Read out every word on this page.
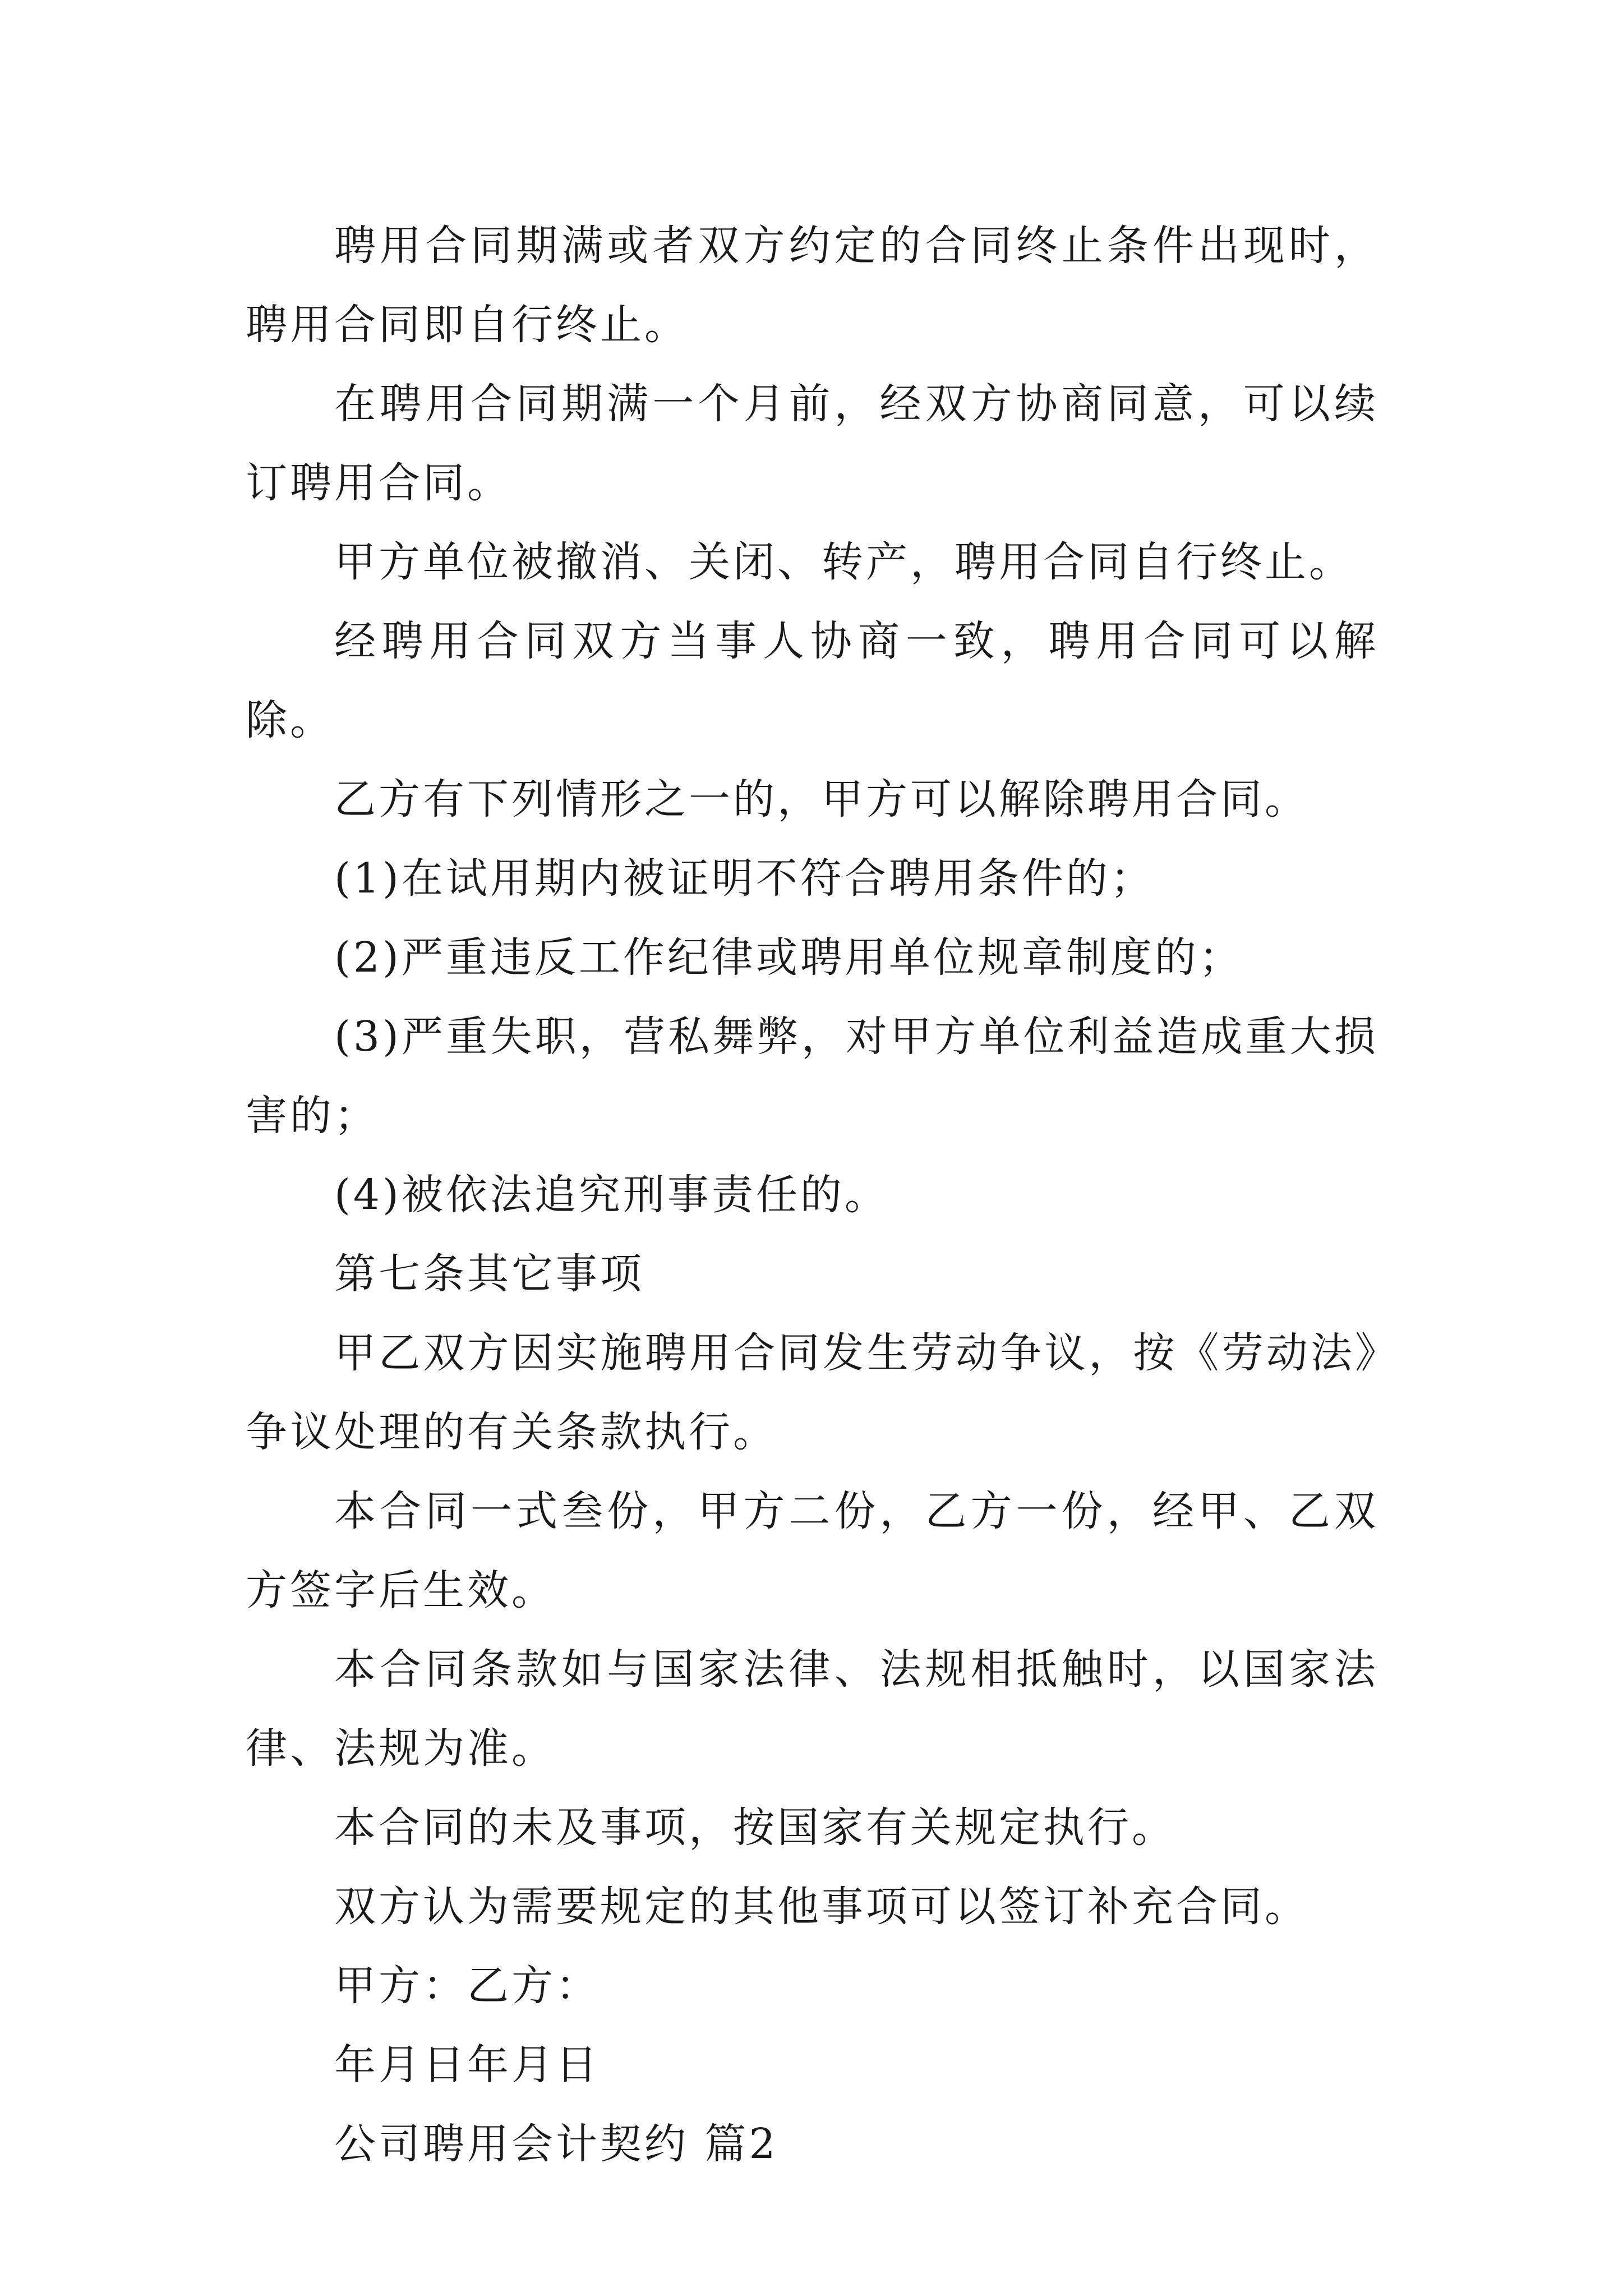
聘用合同期满或者双方约定的合同终止条件出现时，聘用合同即自行终止。

在聘用合同期满一个月前，经双方协商同意，可以续订聘用合同。

甲方单位被撤消、关闭、转产，聘用合同自行终止。

经聘用合同双方当事人协商一致，聘用合同可以解除。

乙方有下列情形之一的，甲方可以解除聘用合同。

(1)在试用期内被证明不符合聘用条件的；

(2)严重违反工作纪律或聘用单位规章制度的；

(3)严重失职，营私舞弊，对甲方单位利益造成重大损害的；

(4)被依法追究刑事责任的。

第七条其它事项

甲乙双方因实施聘用合同发生劳动争议，按《劳动法》争议处理的有关条款执行。

本合同一式叁份，甲方二份，乙方一份，经甲、乙双方签字后生效。

本合同条款如与国家法律、法规相抵触时，以国家法律、法规为准。

本合同的未及事项，按国家有关规定执行。

双方认为需要规定的其他事项可以签订补充合同。

甲方：乙方：

年月日年月日

公司聘用会计契约 篇2
